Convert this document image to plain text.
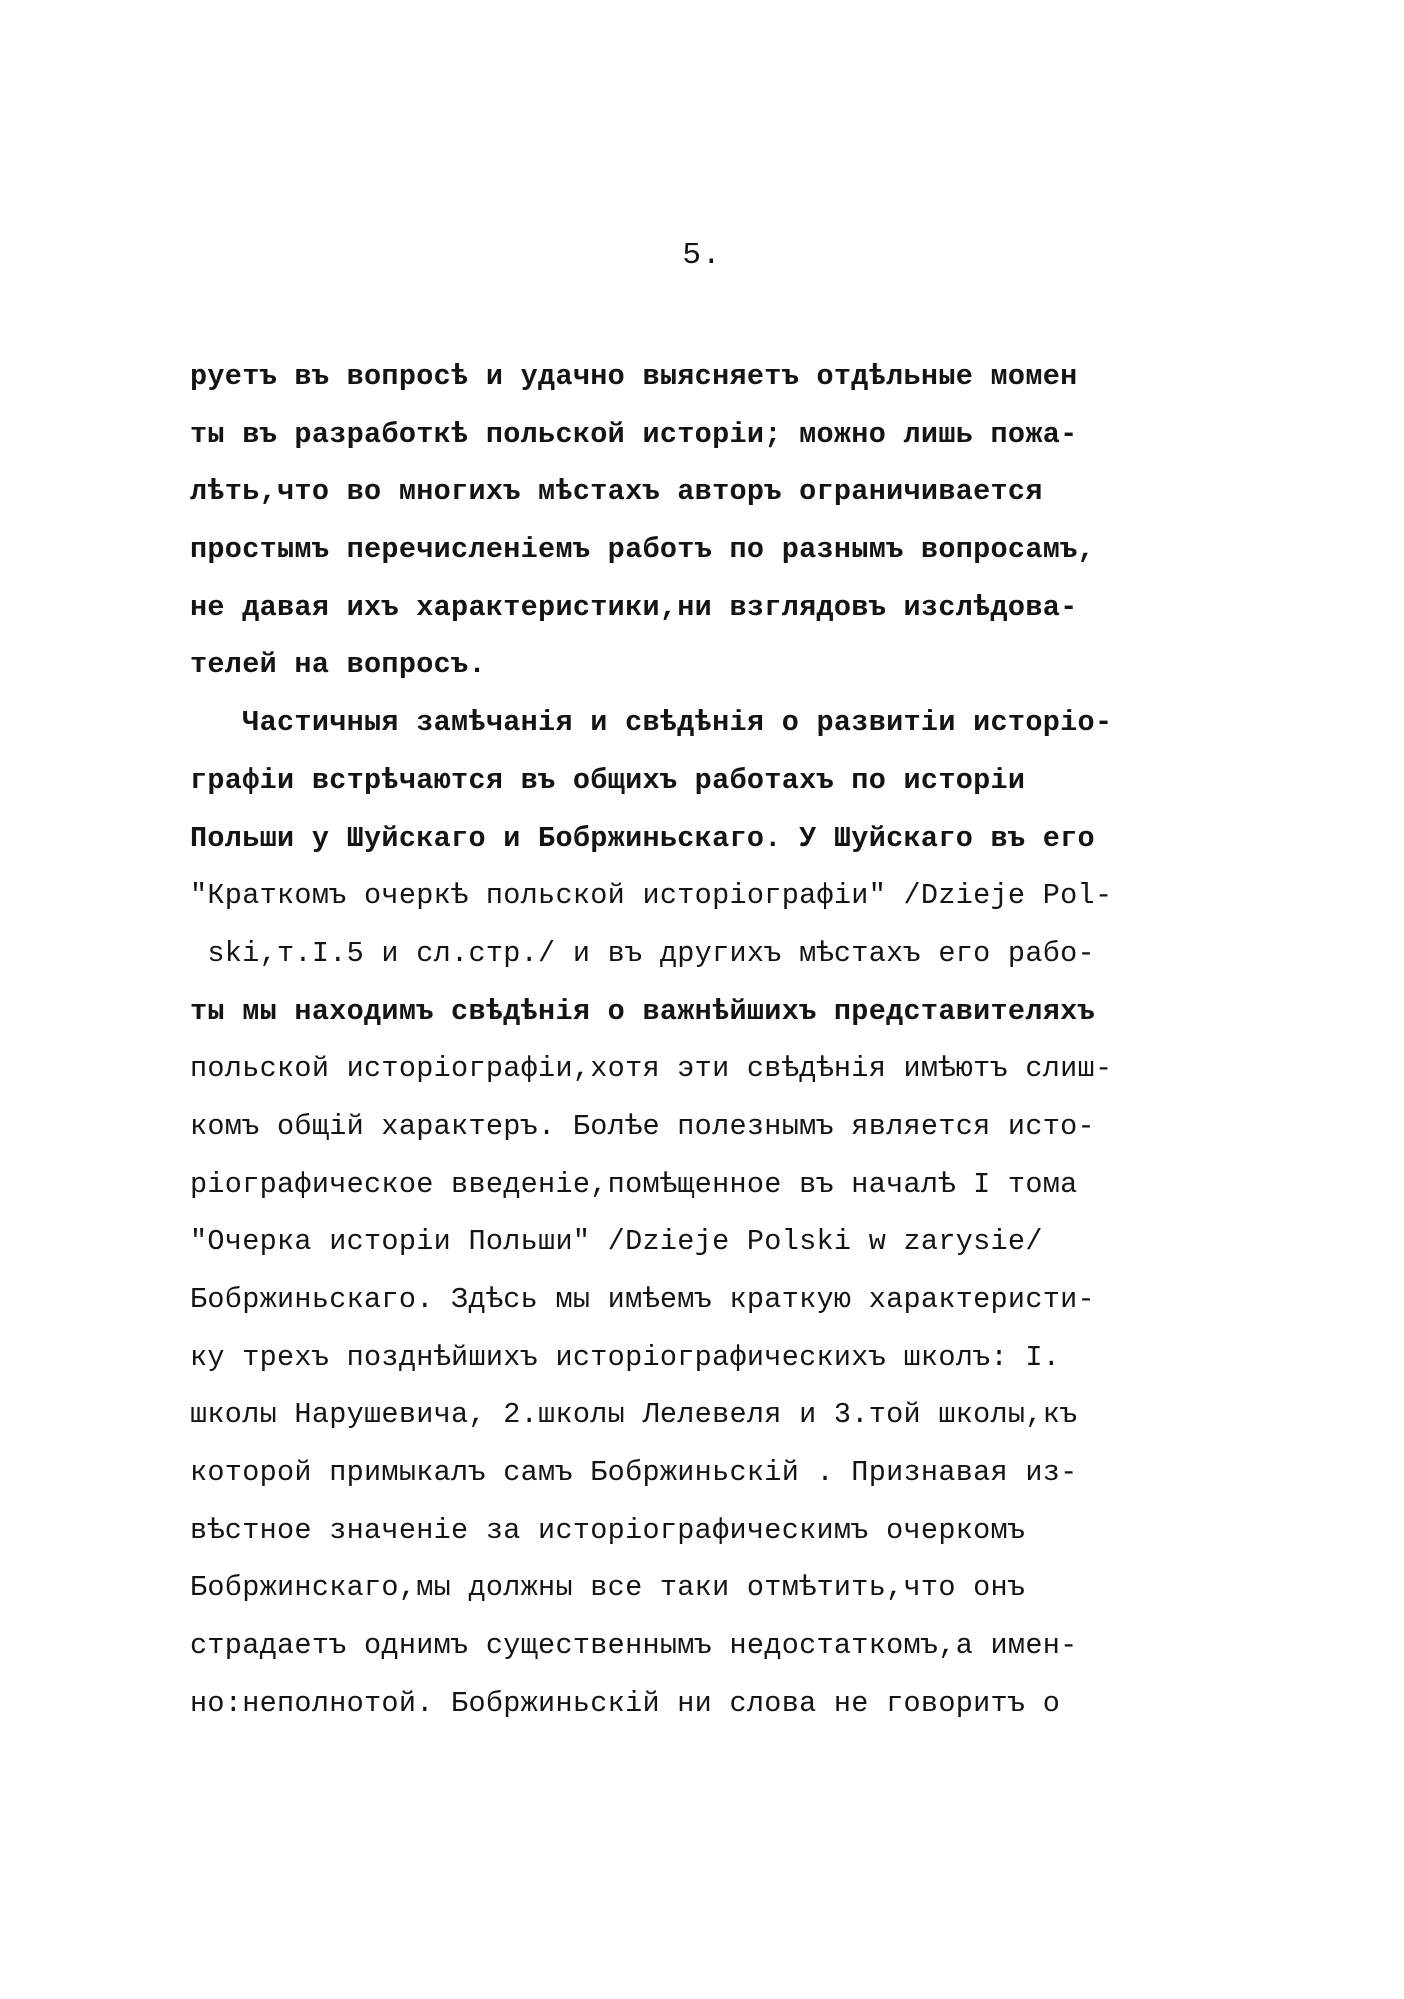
5.
руетъ въ вопросѣ и удачно выясняетъ отдѣльные момен
ты въ разработкѣ польской исторіи; можно лишь пожа-
лѣть,что во многихъ мѣстахъ авторъ ограничивается
простымъ перечисленіемъ работъ по разнымъ вопросамъ,
не давая ихъ характеристики,ни взглядовъ изслѣдова-
телей на вопросъ.
Частичныя замѣчанія и свѣдѣнія о развитіи исторіо-
графіи встрѣчаются въ общихъ работахъ по исторіи
Польши у Шуйскаго и Бобржиньскаго. У Шуйскаго въ его
"Краткомъ очеркѣ польской исторіографіи" /Dzieje Pol-
skі,т.I.5 и сл.стр./ и въ другихъ мѣстахъ его рабо-
ты мы находимъ свѣдѣнія о важнѣйшихъ представителяхъ
польской исторіографіи,хотя эти свѣдѣнія имѣютъ слиш-
комъ общій характеръ. Болѣе полезнымъ является исто-
ріографическое введеніе,помѣщенное въ началѣ I тома
"Очерка исторіи Польши" /Dzieje Polski w zarysie/
Бобржиньскаго. Здѣсь мы имѣемъ краткую характеристи-
ку трехъ позднѣйшихъ исторіографическихъ школъ: I.
школы Нарушевича, 2.школы Лелевеля и 3.той школы,къ
которой примыкалъ самъ Бобржиньскій . Признавая из-
вѣстное значеніе за исторіографическимъ очеркомъ
Бобржинскаго,мы должны все таки отмѣтить,что онъ
страдаетъ однимъ существеннымъ недостаткомъ,а имен-
но:неполнотой. Бобржиньскій ни слова не говоритъ о
